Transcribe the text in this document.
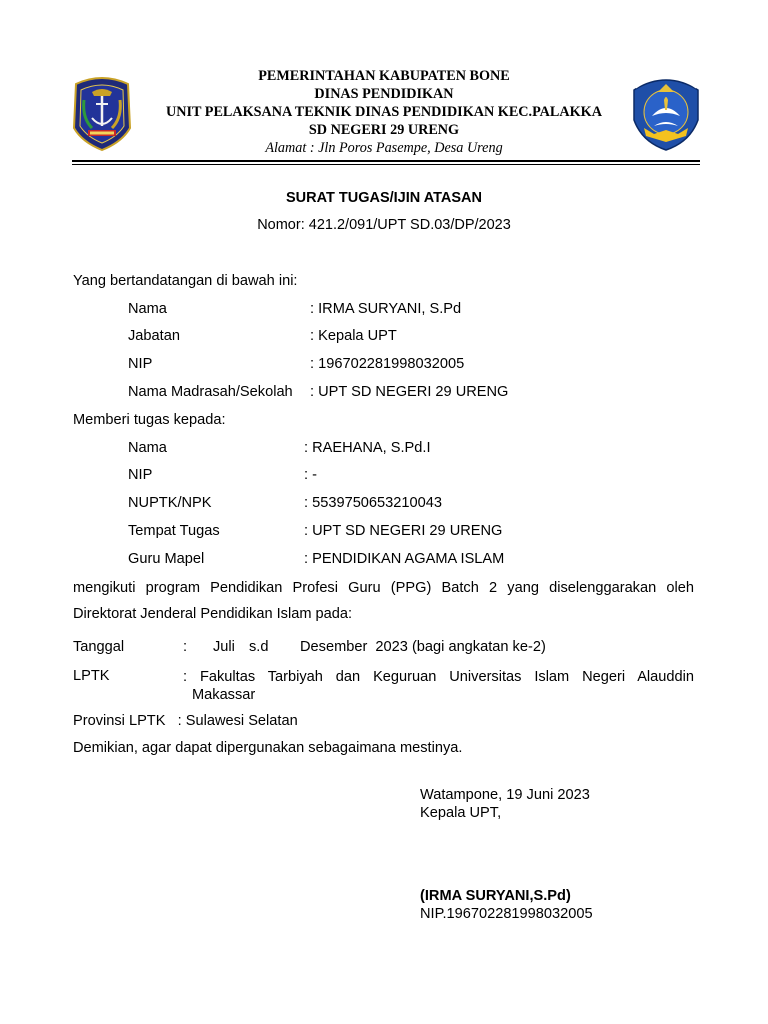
PEMERINTAHAN KABUPATEN BONE
DINAS PENDIDIKAN
UNIT PELAKSANA TEKNIK DINAS PENDIDIKAN KEC.PALAKKA
SD NEGERI 29 URENG
Alamat : Jln Poros Pasempe, Desa Ureng
SURAT TUGAS/IJIN ATASAN
Nomor: 421.2/091/UPT SD.03/DP/2023
Yang bertandatangan di bawah ini:
Nama	: IRMA SURYANI, S.Pd
Jabatan	: Kepala UPT
NIP	: 196702281998032005
Nama Madrasah/Sekolah : UPT SD NEGERI 29 URENG
Memberi tugas kepada:
Nama	: RAEHANA, S.Pd.I
NIP	: -
NUPTK/NPK	: 5539750653210043
Tempat Tugas	: UPT SD NEGERI 29 URENG
Guru Mapel	: PENDIDIKAN AGAMA ISLAM
mengikuti program Pendidikan Profesi Guru (PPG) Batch 2 yang diselenggarakan oleh
Direktorat Jenderal Pendidikan Islam pada:
Tanggal	: Juli s.d Desember  2023 (bagi angkatan ke-2)
LPTK	: Fakultas Tarbiyah dan Keguruan Universitas Islam Negeri Alauddin
Makassar
Provinsi LPTK   : Sulawesi Selatan
Demikian, agar dapat dipergunakan sebagaimana mestinya.
Watampone, 19 Juni 2023
Kepala UPT,
(IRMA SURYANI,S.Pd)
NIP.196702281998032005
